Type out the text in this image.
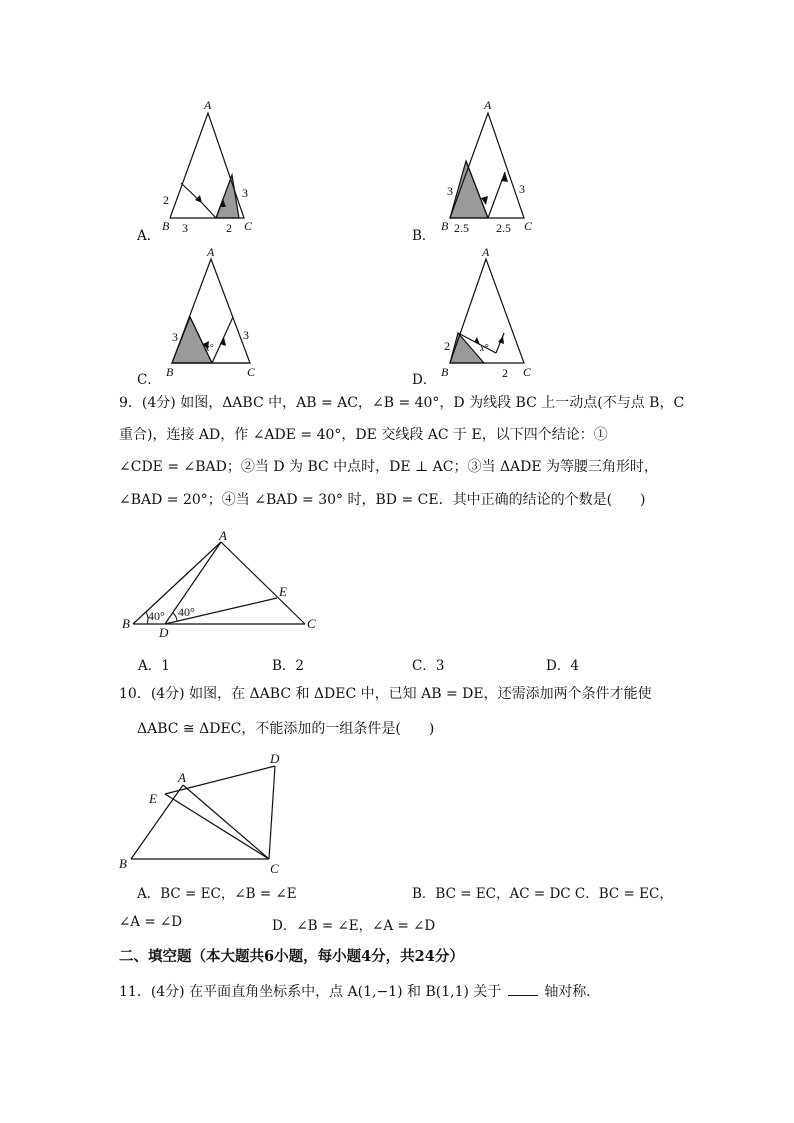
A．
A
B	C
2
3	2
3
B．
A
B	C
3
2.5 2.5
3
C．
A
B	C
3	3
x°
D．
A
B	C
2
2
x°
9．(4分) 如图，ΔABC 中，AB = AC，∠B = 40°，D 为线段 BC 上一动点(不与点 B，C
重合)，连接 AD，作 ∠ADE = 40°，DE 交线段 AC 于 E，以下四个结论：①
∠CDE = ∠BAD；②当 D 为 BC 中点时，DE ⊥ AC；③当 ΔADE 为等腰三角形时，
∠BAD = 20°；④当 ∠BAD = 30° 时，BD = CE．其中正确的结论的个数是(　　)
A
B	C
D
E
40° 40°
A．1	B．2	C．3	D．4
10．(4分) 如图，在 ΔABC 和 ΔDEC 中，已知 AB = DE，还需添加两个条件才能使
ΔABC ≅ ΔDEC，不能添加的一组条件是(　　)
A
B	C
D
E
A．BC = EC，∠B = ∠E	B．BC = EC，AC = DC C．BC = EC，
∠A = ∠D	D．∠B = ∠E，∠A = ∠D
二、填空题（本大题共6小题，每小题4分，共24分）
11．(4分) 在平面直角坐标系中，点 A(1,−1) 和 B(1,1) 关于	轴对称．
